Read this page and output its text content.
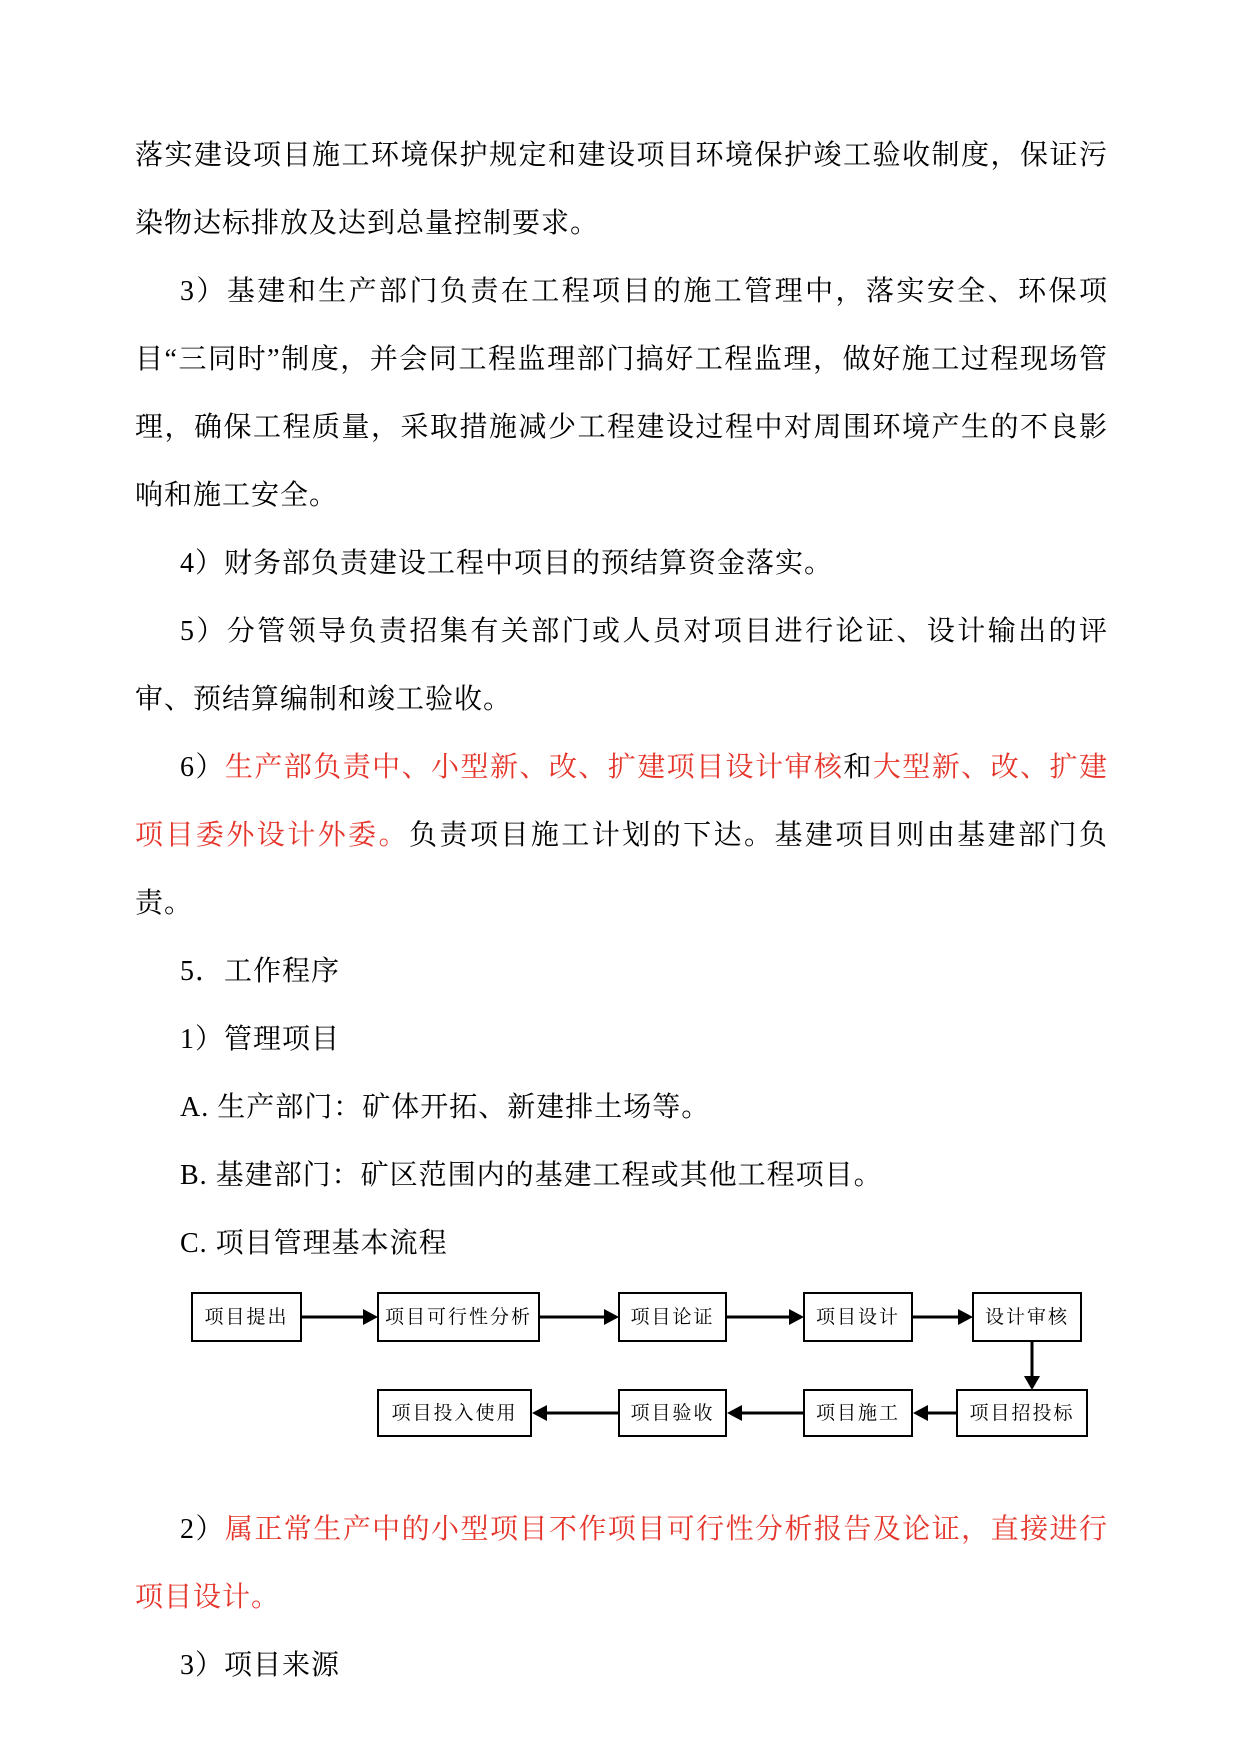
落实建设项目施工环境保护规定和建设项目环境保护竣工验收制度，保证污染物达标排放及达到总量控制要求。

3）基建和生产部门负责在工程项目的施工管理中，落实安全、环保项目“三同时”制度，并会同工程监理部门搞好工程监理，做好施工过程现场管理，确保工程质量，采取措施减少工程建设过程中对周围环境产生的不良影响和施工安全。

4）财务部负责建设工程中项目的预结算资金落实。

5）分管领导负责招集有关部门或人员对项目进行论证、设计输出的评审、预结算编制和竣工验收。

6）生产部负责中、小型新、改、扩建项目设计审核和大型新、改、扩建项目委外设计外委。负责项目施工计划的下达。基建项目则由基建部门负责。

5．工作程序

1）管理项目

A. 生产部门：矿体开拓、新建排土场等。

B. 基建部门：矿区范围内的基建工程或其他工程项目。

C. 项目管理基本流程

项目提出	项目可行性分析	项目论证	项目设计	设计审核
项目投入使用	项目验收	项目施工	项目招投标

2）属正常生产中的小型项目不作项目可行性分析报告及论证，直接进行项目设计。

3）项目来源
